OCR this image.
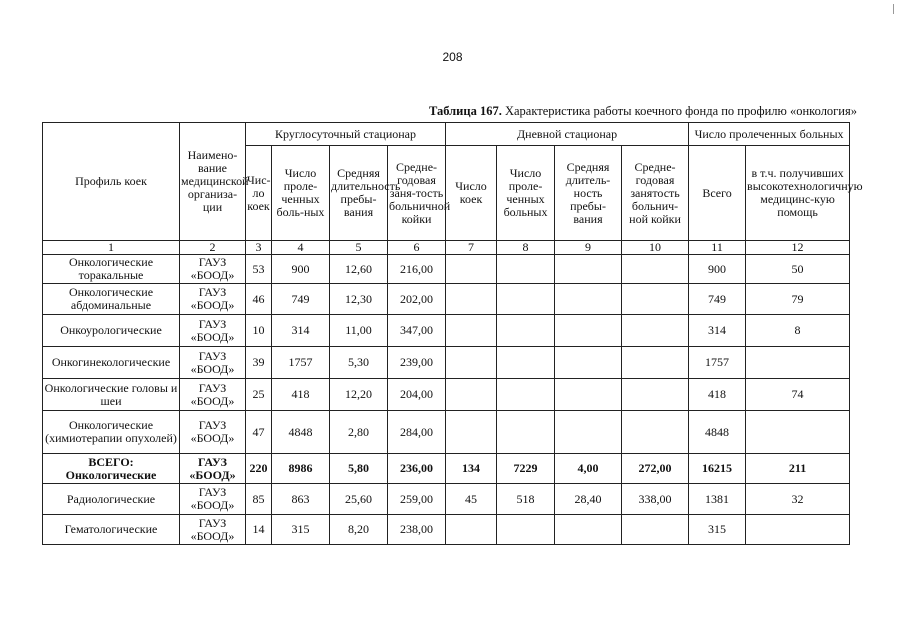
208
Таблица 167. Характеристика работы коечного фонда по профилю «онкология»
Профиль коек	Наимено-вание медицинской организа-ции	Круглосуточный стационар				Дневной стационар				Число пролеченных больных	
		Чис-ло коек	Число проле-ченных боль-ных	Средняя длительность пребы-вания	Средне-годовая заня-тость больничной койки	Число коек	Число проле-ченных больных	Средняя длитель-ность пребы-вания	Средне-годовая занятость больнич-ной койки	Всего	в т.ч. получивших высокотехнологичную медицинс-кую помощь
1	2	3	4	5	6	7	8	9	10	11	12
Онкологические торакальные	ГАУЗ «БООД»	53	900	12,60	216,00					900	50
Онкологические абдоминальные	ГАУЗ «БООД»	46	749	12,30	202,00					749	79
Онкоурологические	ГАУЗ «БООД»	10	314	11,00	347,00					314	8
Онкогинекологические	ГАУЗ «БООД»	39	1757	5,30	239,00					1757	
Онкологические головы и шеи	ГАУЗ «БООД»	25	418	12,20	204,00					418	74
Онкологические (химиотерапии опухолей)	ГАУЗ «БООД»	47	4848	2,80	284,00					4848	
ВСЕГО: Онкологические	ГАУЗ «БООД»	220	8986	5,80	236,00	134	7229	4,00	272,00	16215	211
Радиологические	ГАУЗ «БООД»	85	863	25,60	259,00	45	518	28,40	338,00	1381	32
Гематологические	ГАУЗ «БООД»	14	315	8,20	238,00					315	
